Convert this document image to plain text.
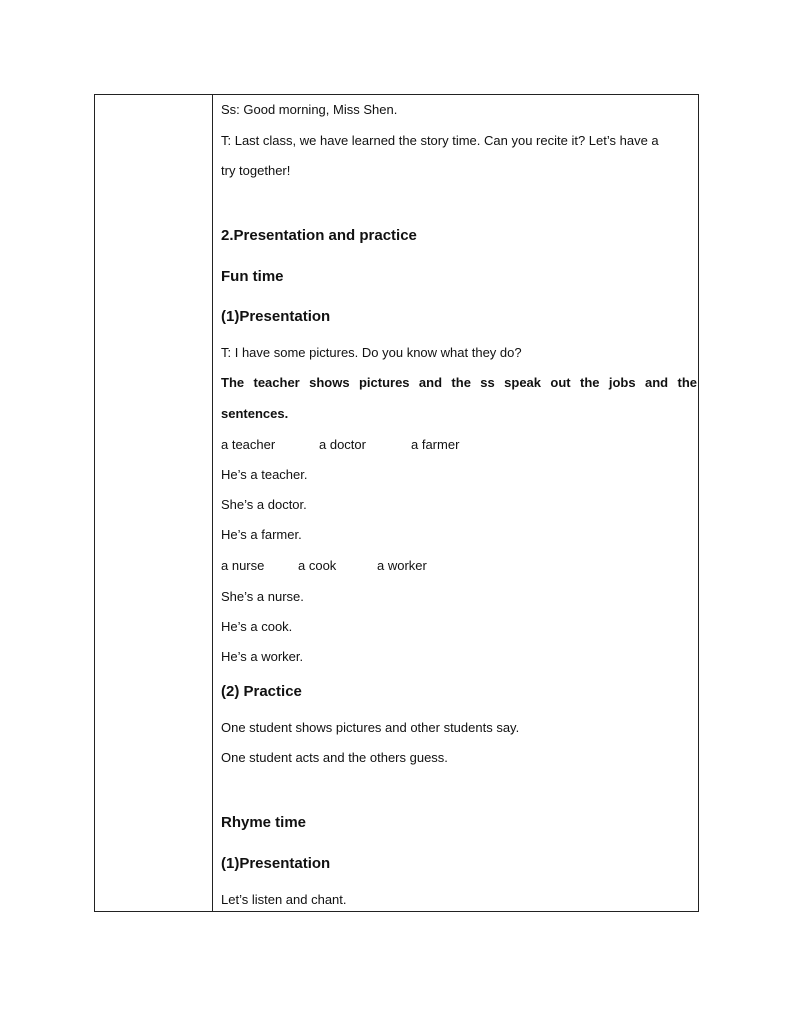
Ss: Good morning, Miss Shen.
T: Last class, we have learned the story time. Can you recite it? Let’s have a
try together!
2.Presentation and practice
Fun time
(1)Presentation
T: I have some pictures. Do you know what they do?
The teacher shows pictures and the ss speak out the jobs and the
sentences.
a teacher	a doctor	a farmer
He’s a teacher.
She’s a doctor.
He’s a farmer.
a nurse	a cook	a worker
She’s a nurse.
He’s a cook.
He’s a worker.
(2) Practice
One student shows pictures and other students say.
One student acts and the others guess.
Rhyme time
(1)Presentation
Let’s listen and chant.
